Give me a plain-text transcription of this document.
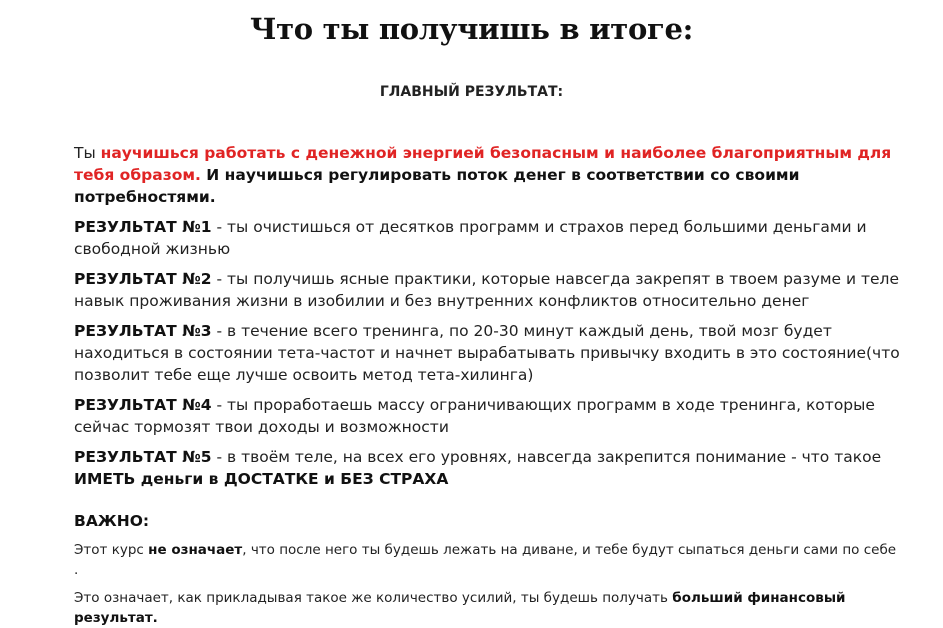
Что ты получишь в итоге:
ГЛАВНЫЙ РЕЗУЛЬТАТ:

Ты научишься работать с денежной энергией безопасным и наиболее благоприятным для тебя образом. И научишься регулировать поток денег в соответствии со своими потребностями.

РЕЗУЛЬТАТ №1 - ты очистишься от десятков программ и страхов перед большими деньгами и свободной жизнью

РЕЗУЛЬТАТ №2 - ты получишь ясные практики, которые навсегда закрепят в твоем разуме и теле навык проживания жизни в изобилии и без внутренних конфликтов относительно денег

РЕЗУЛЬТАТ №3 - в течение всего тренинга, по 20-30 минут каждый день, твой мозг будет находиться в состоянии тета-частот и начнет вырабатывать привычку входить в это состояние(что позволит тебе еще лучше освоить метод тета-хилинга)

РЕЗУЛЬТАТ №4 - ты проработаешь массу ограничивающих программ в ходе тренинга, которые сейчас тормозят твои доходы и возможности

РЕЗУЛЬТАТ №5 - в твоём теле, на всех его уровнях, навсегда закрепится понимание - что такое ИМЕТЬ деньги в ДОСТАТКЕ и БЕЗ СТРАХА

ВАЖНО:

Этот курс не означает, что после него ты будешь лежать на диване, и тебе будут сыпаться деньги сами по себе .

Это означает, как прикладывая такое же количество усилий, ты будешь получать больший финансовый результат.
